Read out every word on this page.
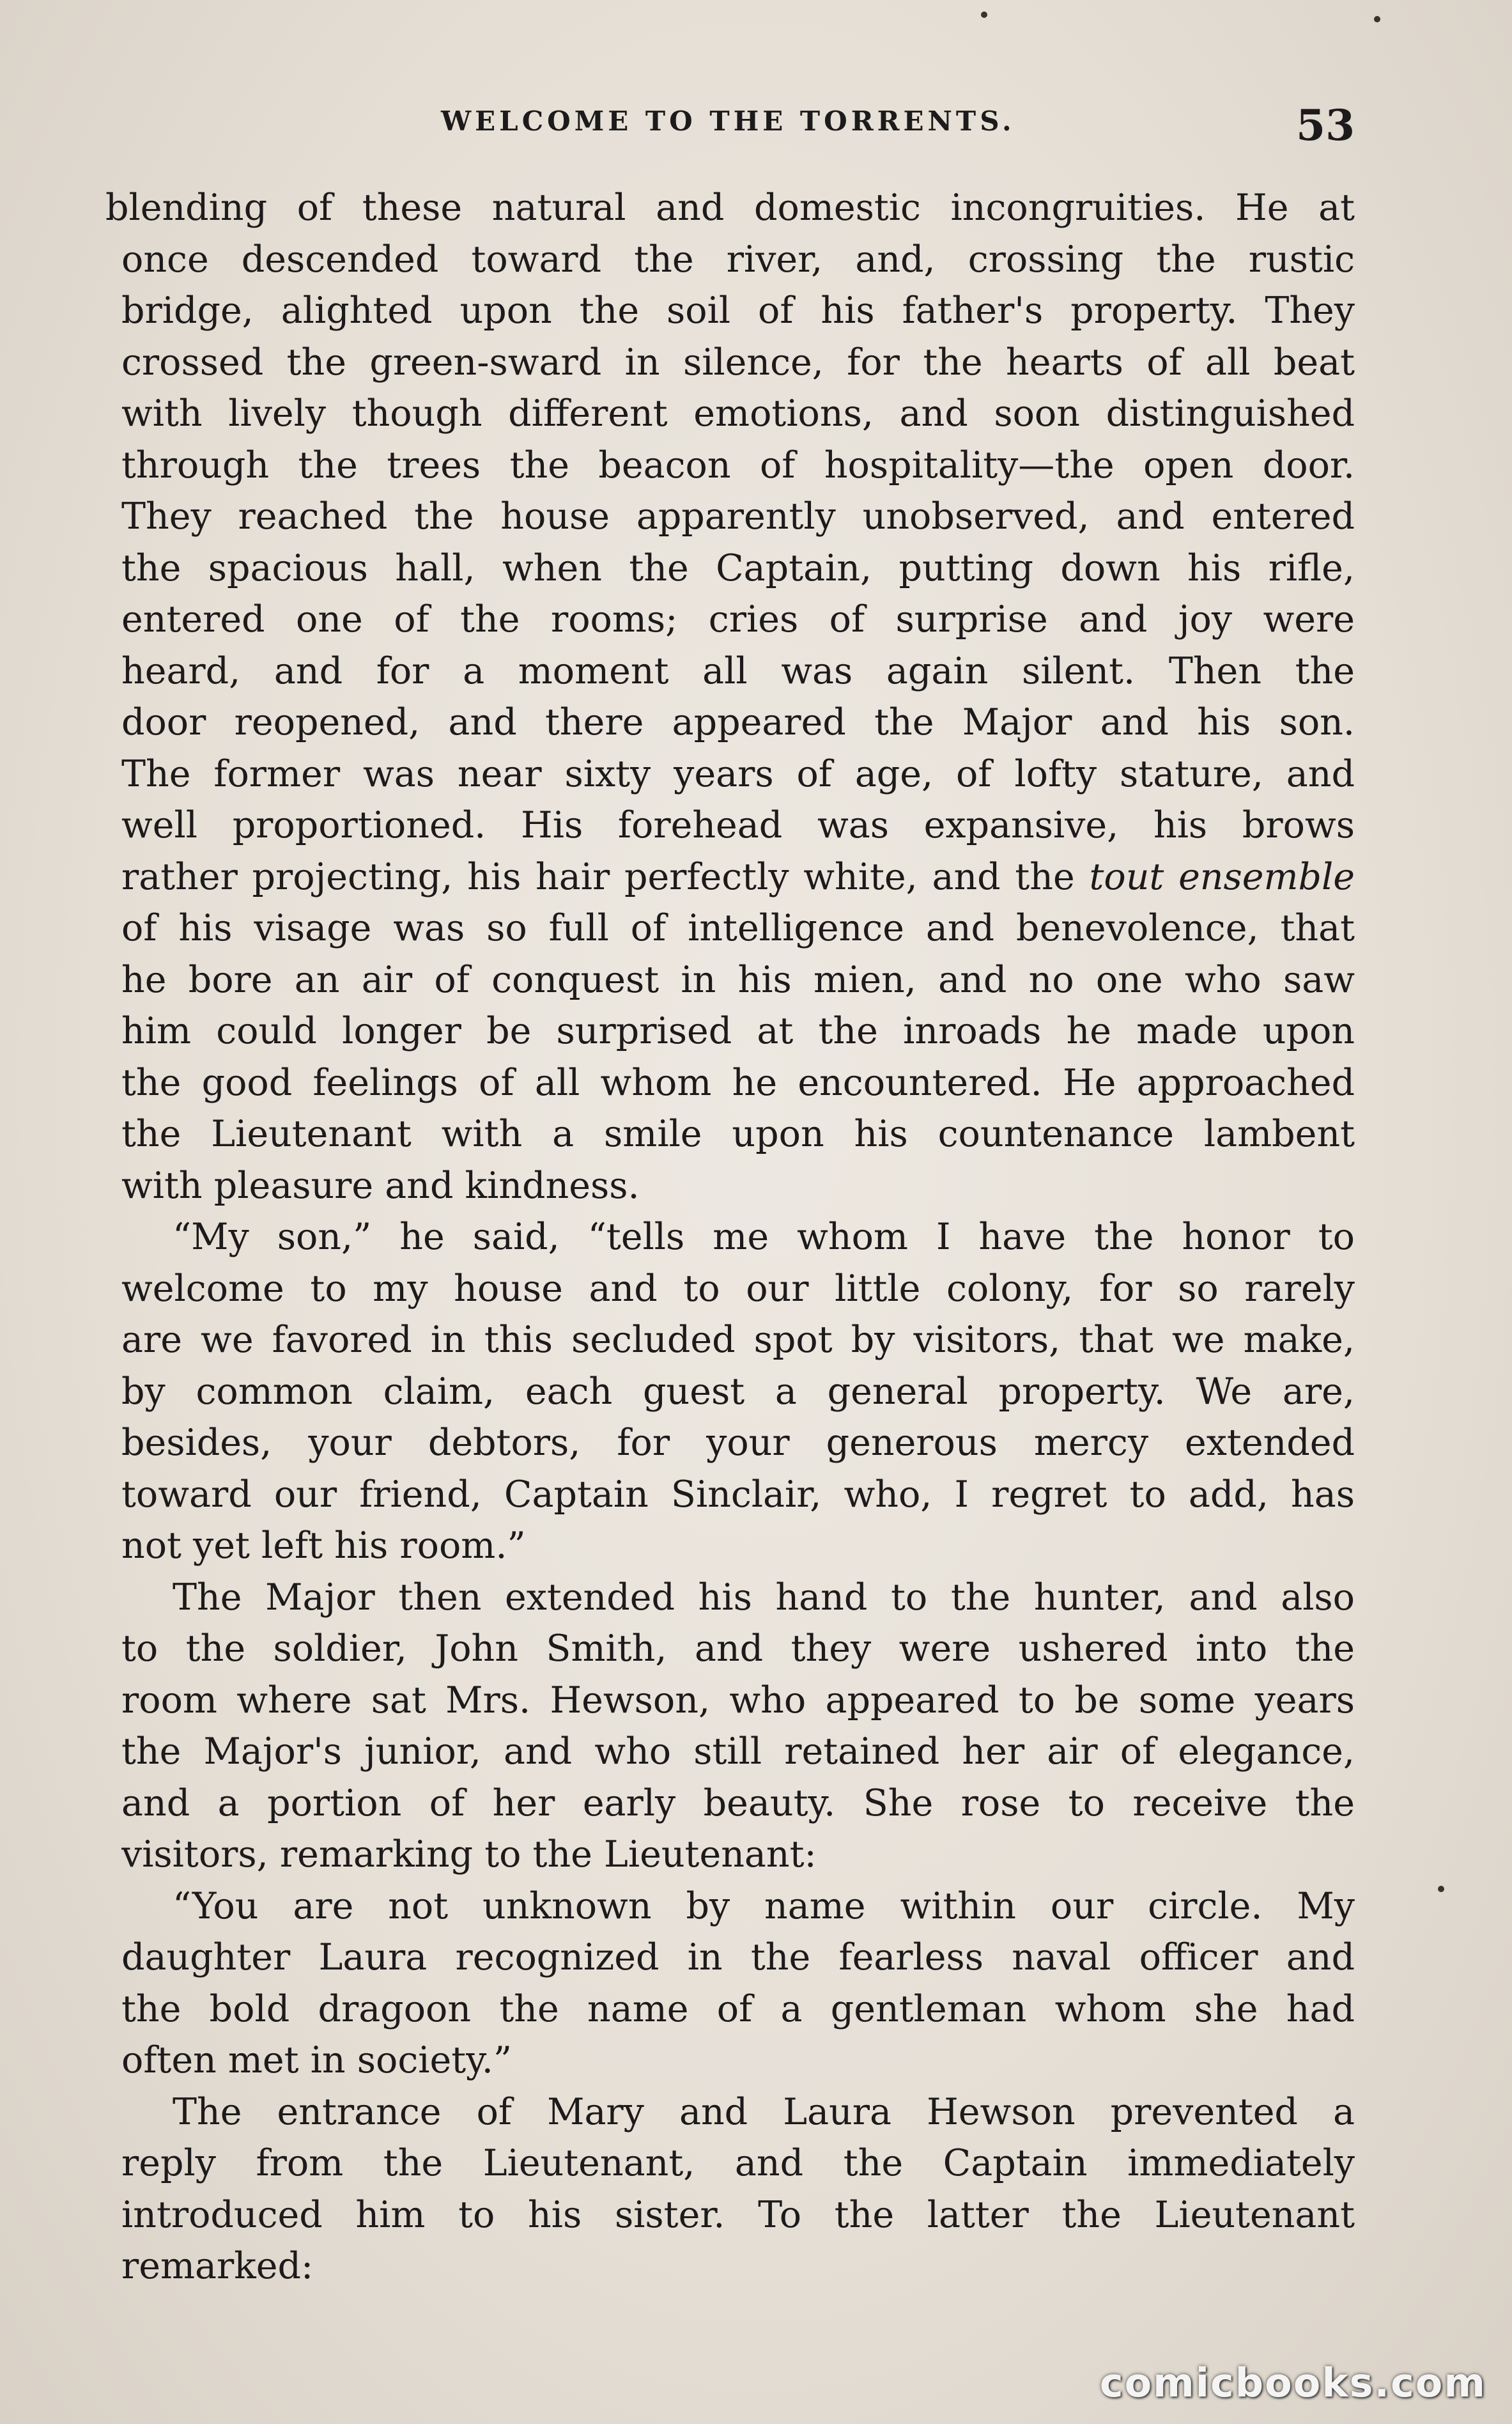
WELCOME TO THE TORRENTS.	53
blending of these natural and domestic incongruities. He at
once descended toward the river, and, crossing the rustic
bridge, alighted upon the soil of his father's property. They
crossed the green-sward in silence, for the hearts of all beat
with lively though different emotions, and soon distinguished
through the trees the beacon of hospitality—the open door.
They reached the house apparently unobserved, and entered
the spacious hall, when the Captain, putting down his rifle,
entered one of the rooms; cries of surprise and joy were
heard, and for a moment all was again silent. Then the
door reopened, and there appeared the Major and his son.
The former was near sixty years of age, of lofty stature, and
well proportioned. His forehead was expansive, his brows
rather projecting, his hair perfectly white, and the tout ensemble
of his visage was so full of intelligence and benevolence, that
he bore an air of conquest in his mien, and no one who saw
him could longer be surprised at the inroads he made upon
the good feelings of all whom he encountered. He approached
the Lieutenant with a smile upon his countenance lambent
with pleasure and kindness.
“My son,” he said, “tells me whom I have the honor to
welcome to my house and to our little colony, for so rarely
are we favored in this secluded spot by visitors, that we make,
by common claim, each guest a general property. We are,
besides, your debtors, for your generous mercy extended
toward our friend, Captain Sinclair, who, I regret to add, has
not yet left his room.”
The Major then extended his hand to the hunter, and also
to the soldier, John Smith, and they were ushered into the
room where sat Mrs. Hewson, who appeared to be some years
the Major's junior, and who still retained her air of elegance,
and a portion of her early beauty. She rose to receive the
visitors, remarking to the Lieutenant:
“You are not unknown by name within our circle. My
daughter Laura recognized in the fearless naval officer and
the bold dragoon the name of a gentleman whom she had
often met in society.”
The entrance of Mary and Laura Hewson prevented a
reply from the Lieutenant, and the Captain immediately
introduced him to his sister. To the latter the Lieutenant
remarked:
comicbooks.com
